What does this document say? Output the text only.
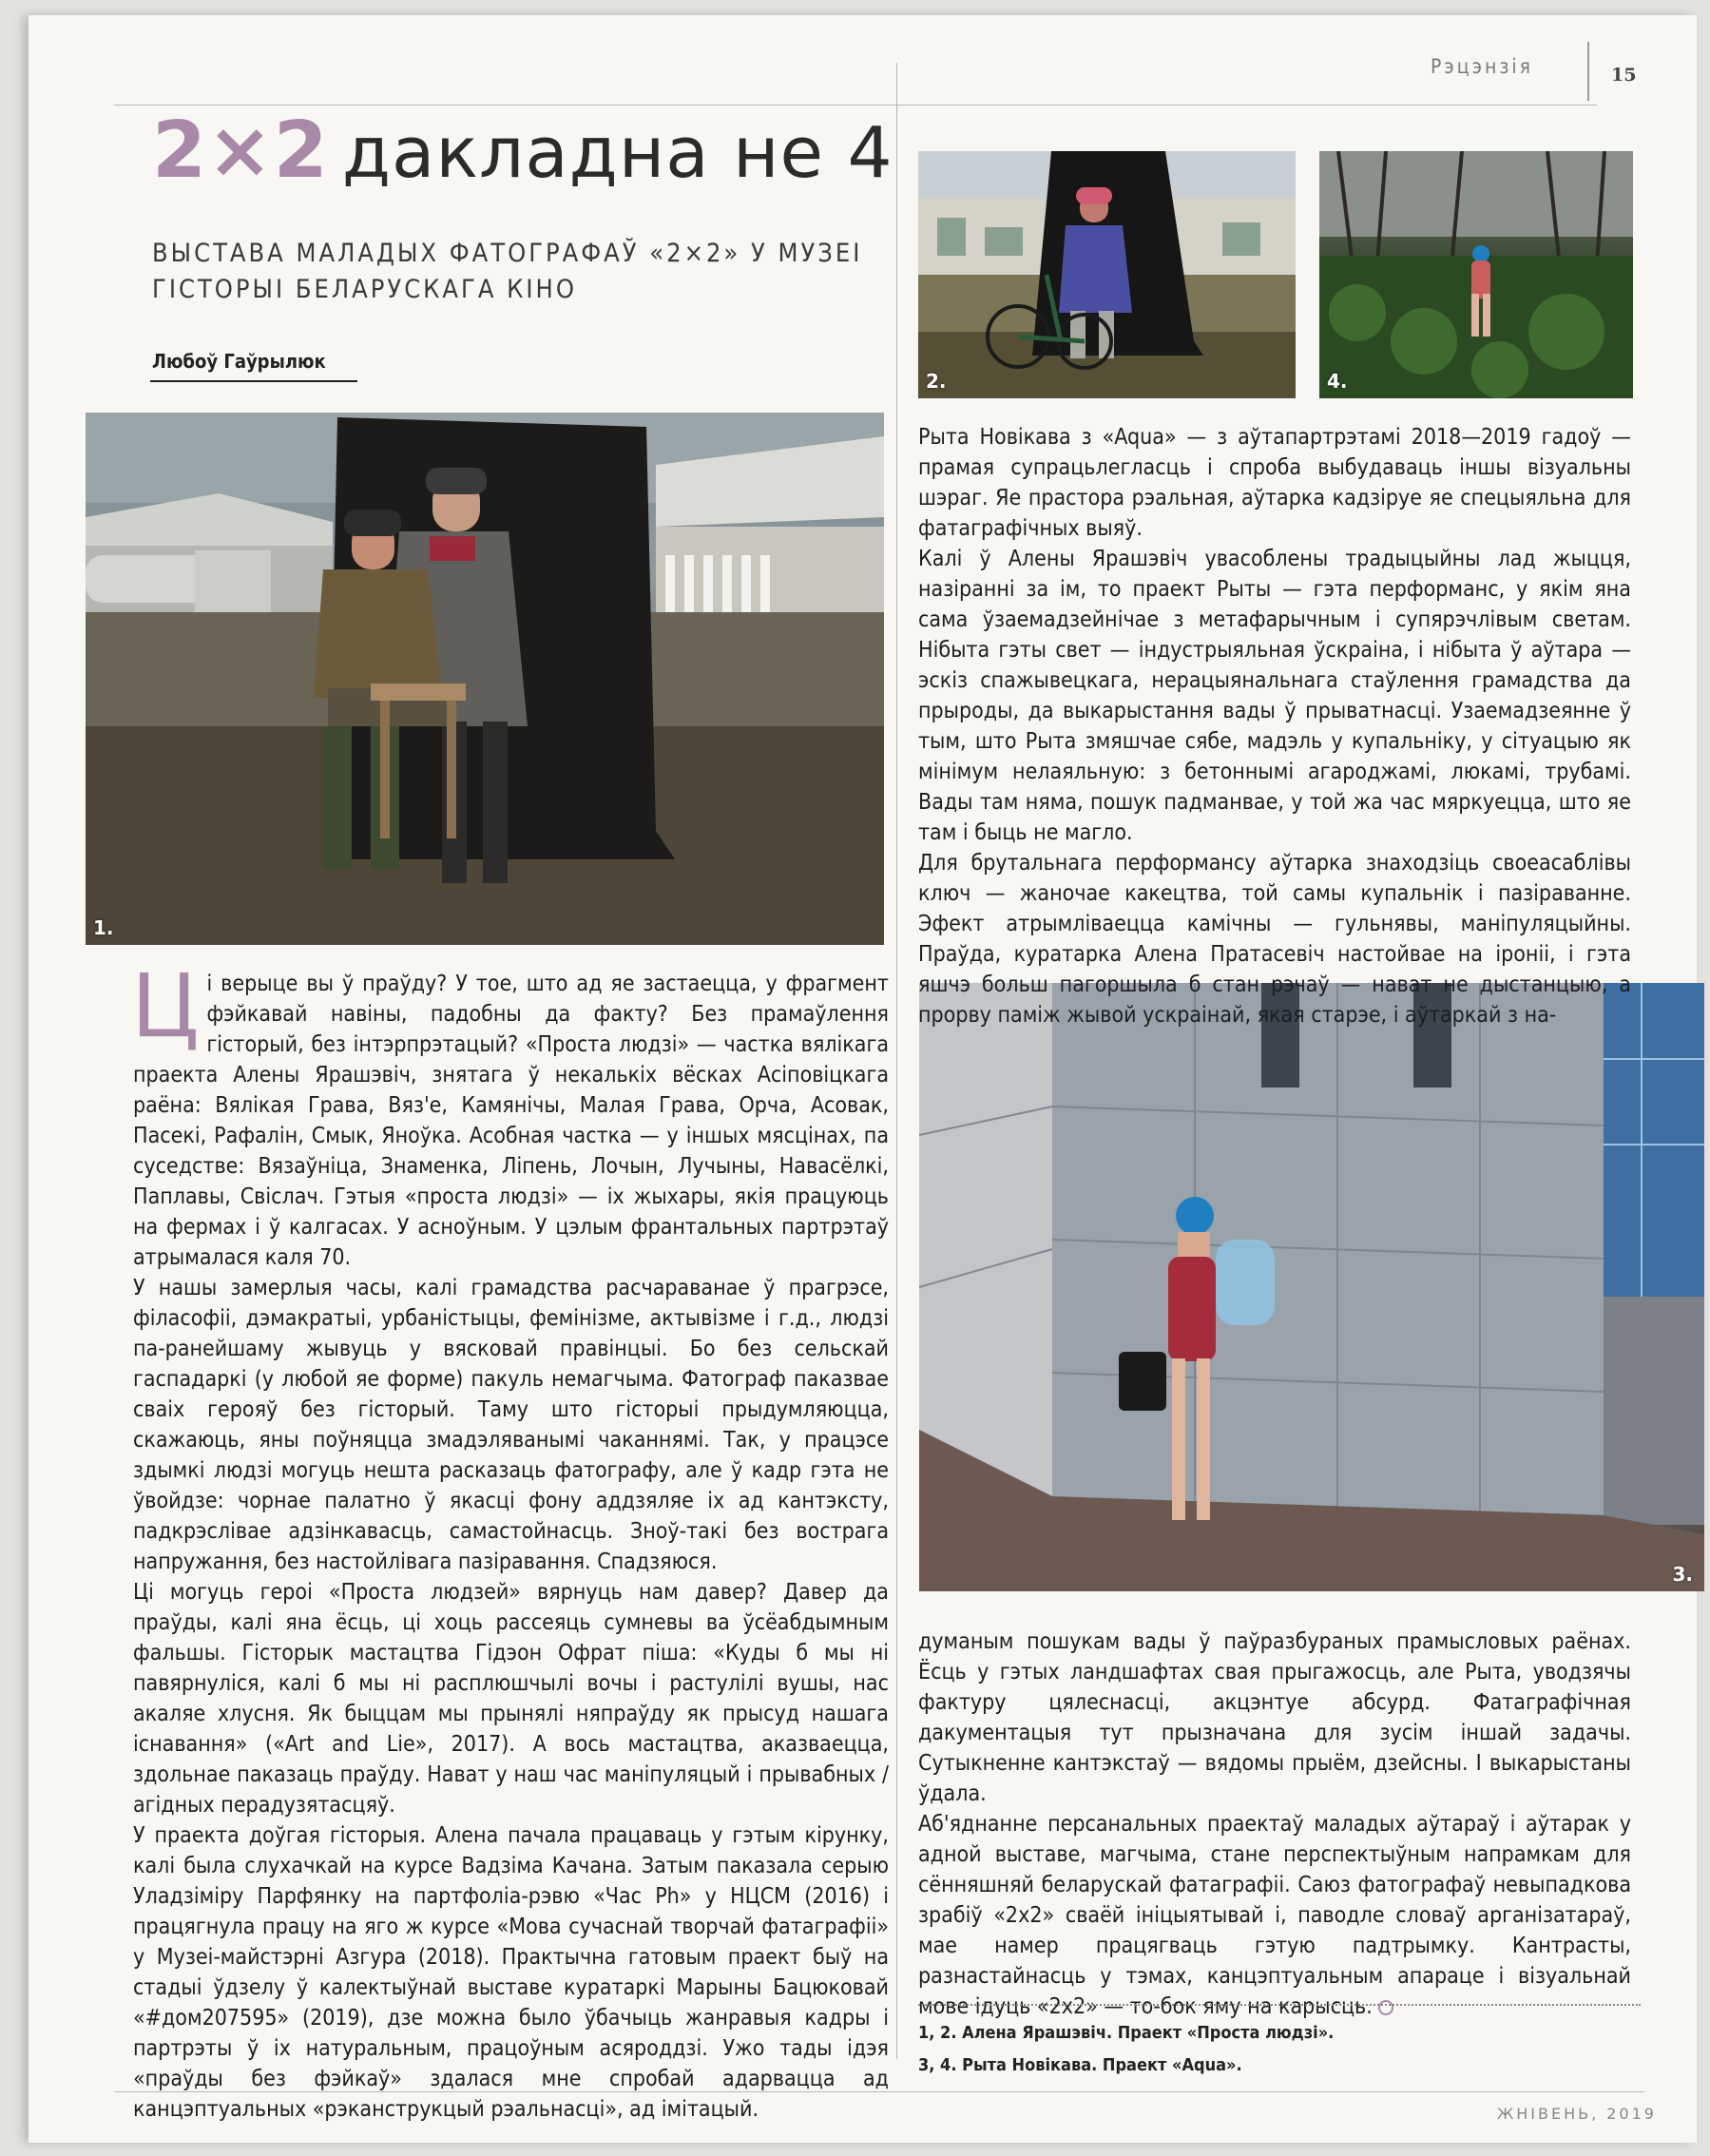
Рэцэнзія	15
2×2 дакладна не 4
ВЫСТАВА МАЛАДЫХ ФАТОГРАФАЎ «2×2» У МУЗЕІ ГІСТОРЫІ БЕЛАРУСКАГА КІНО
Любоў Гаўрылюк
1.
2.	4.
3.

Ці верыце вы ў праўду? У тое, што ад яе застаецца, у фрагмент фэйкавай навіны, падобны да факту? Без прамаўлення гісторый, без інтэрпрэтацый? «Проста людзі» — частка вялікага праекта Алены Ярашэвіч, знятага ў некалькіх вёсках Асіповіцкага раёна: Вялікая Грава, Вяз'е, Камянічы, Малая Грава, Орча, Асовак, Пасекі, Рафалін, Смык, Яноўка. Асобная частка — у іншых мясцінах, па суседстве: Вязаўніца, Знаменка, Ліпень, Лочын, Лучыны, Навасёлкі, Паплавы, Свіслач. Гэтыя «проста людзі» — іх жыхары, якія працуюць на фермах і ў калгасах. У асноўным. У цэлым франтальных партрэтаў атрымалася каля 70.

У нашы замерлыя часы, калі грамадства расчараванае ў прагрэсе, філасофіі, дэмакратыі, урбаністыцы, фемінізме, актывізме і г.д., людзі па-ранейшаму жывуць у вясковай правінцыі. Бо без сельскай гаспадаркі (у любой яе форме) пакуль немагчыма. Фатограф паказвае сваіх герояў без гісторый. Таму што гісторыі прыдумляюцца, скажаюць, яны поўняцца змадэляванымі чаканнямі. Так, у працэсе здымкі людзі могуць нешта расказаць фатографу, але ў кадр гэта не ўвойдзе: чорнае палатно ў якасці фону аддзяляе іх ад кантэксту, падкрэслівае адзінкавасць, самастойнасць. Зноў-такі без вострага напружання, без настойлівага пазіравання. Спадзяюся.

Ці могуць героі «Проста людзей» вярнуць нам давер? Давер да праўды, калі яна ёсць, ці хоць рассеяць сумневы ва ўсёабдымным фальшы. Гісторык мастацтва Гідэон Офрат піша: «Куды б мы ні павярнуліся, калі б мы ні расплюшчылі вочы і растулілі вушы, нас акаляе хлусня. Як быццам мы прынялі няпраўду як прысуд нашага існавання» («Art and Lie», 2017). А вось мастацтва, аказваецца, здольнае паказаць праўду. Нават у наш час маніпуляцый і прывабных / агідных перадузятасцяў.

У праекта доўгая гісторыя. Алена пачала працаваць у гэтым кірунку, калі была слухачкай на курсе Вадзіма Качана. Затым паказала серыю Уладзіміру Парфянку на партфоліа-рэвю «Час Ph» у НЦСМ (2016) і працягнула працу на яго ж курсе «Мова сучаснай творчай фатаграфіі» у Музеі-майстэрні Азгура (2018). Практычна гатовым праект быў на стадыі ўдзелу ў калектыўнай выставе куратаркі Марыны Бацюковай «#дом207595» (2019), дзе можна было ўбачыць жанравыя кадры і партрэты ў іх натуральным, працоўным асяроддзі. Ужо тады ідэя «праўды без фэйкаў» здалася мне спробай адарвацца ад канцэптуальных «рэканструкцый рэальнасці», ад імітацый.

Рыта Новікава з «Aqua» — з аўтапартрэтамі 2018—2019 гадоў — прамая супрацьлегласць і спроба выбудаваць іншы візуальны шэраг. Яе прастора рэальная, аўтарка кадзіруе яе спецыяльна для фатаграфічных выяў.

Калі ў Алены Ярашэвіч увасоблены традыцыйны лад жыцця, назіранні за ім, то праект Рыты — гэта перформанс, у якім яна сама ўзаемадзейнічае з метафарычным і супярэчлівым светам. Нібыта гэты свет — індустрыяльная ўскраіна, і нібыта ў аўтара — эскіз спажывецкага, нерацыянальнага стаўлення грамадства да прыроды, да выкарыстання вады ў прыватнасці. Узаемадзеянне ў тым, што Рыта змяшчае сябе, мадэль у купальніку, у сітуацыю як мінімум нелаяльную: з бетоннымі агароджамі, люкамі, трубамі. Вады там няма, пошук падманвае, у той жа час мяркуецца, што яе там і быць не магло.

Для брутальнага перформансу аўтарка знаходзіць своеасаблівы ключ — жаночае какецтва, той самы купальнік і пазіраванне. Эфект атрымліваецца камічны — гульнявы, маніпуляцыйны. Праўда, куратарка Алена Пратасевіч настойвае на іроніі, і гэта яшчэ больш пагоршыла б стан рэчаў — нават не дыстанцыю, а прорву паміж жывой ускраінай, якая старэе, і аўтаркай з на-

думаным пошукам вады ў паўразбураных прамысловых раёнах. Ёсць у гэтых ландшафтах свая прыгажосць, але Рыта, уводзячы фактуру цялеснасці, акцэнтуе абсурд. Фатаграфічная дакументацыя тут прызначана для зусім іншай задачы. Сутыкненне кантэкстаў — вядомы прыём, дзейсны. І выкарыстаны ўдала.

Аб'яднанне персанальных праектаў маладых аўтараў і аўтарак у адной выставе, магчыма, стане перспектыўным напрамкам для сённяшняй беларускай фатаграфіі. Саюз фатографаў невыпадкова зрабіў «2х2» сваёй ініцыятывай і, паводле словаў арганізатараў, мае намер працягваць гэтую падтрымку. Кантрасты, разнастайнасць у тэмах, канцэптуальным апараце і візуальнай мове ідуць «2х2» — то-бок яму на карысць.

1, 2. Алена Ярашэвіч. Праект «Проста людзі».
3, 4. Рыта Новікава. Праект «Aqua».
ЖНІВЕНЬ, 2019
